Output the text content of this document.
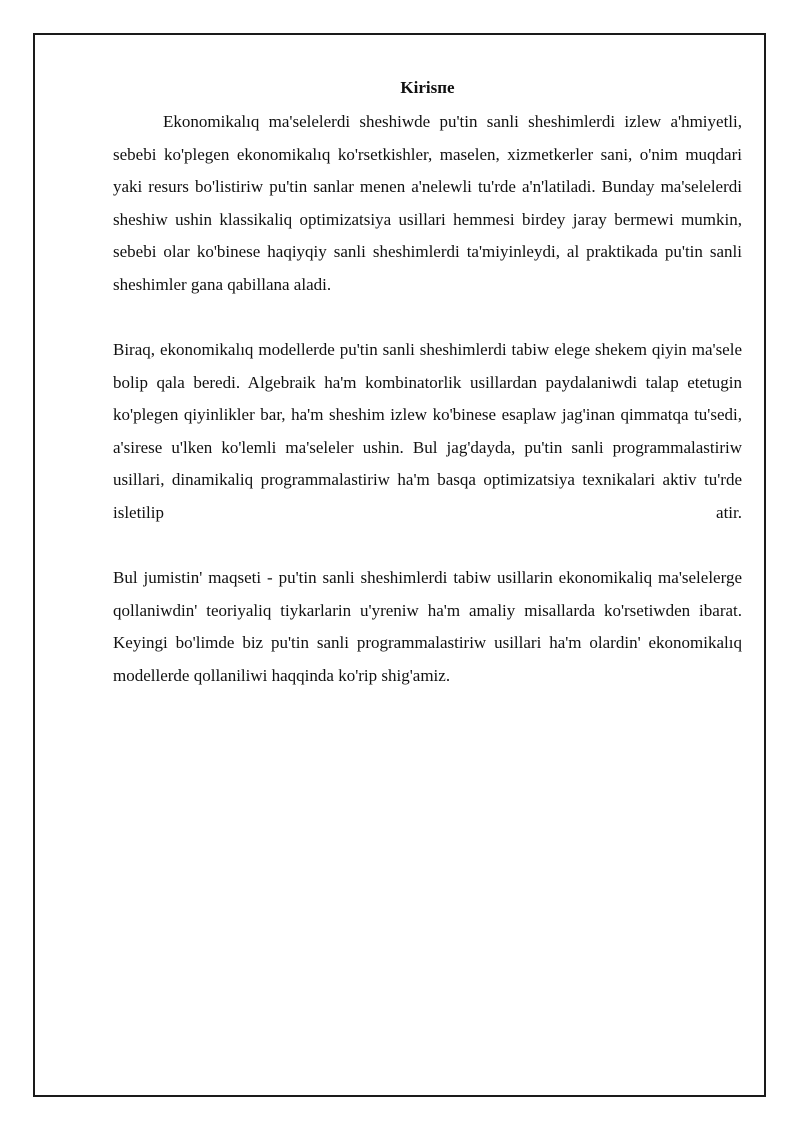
Kirisпe

Ekonomikalıq ma'selelerdi sheshiwde pu'tin sanli sheshimlerdi izlew a'hmiyetli, sebebi ko'plegen ekonomikalıq ko'rsetkishler, maselen, xizmetkerler sani, o'nim muqdari yaki resurs bo'listiriw pu'tin sanlar menen a'nelewli tu'rde a'n'latiladi. Bunday ma'selelerdi sheshiw ushin klassikaliq optimizatsiya usillari hemmesi birdey jaray bermewi mumkin, sebebi olar ko'binese haqiyqiy sanli sheshimlerdi ta'miyinleydi, al praktikada pu'tin sanli sheshimler gana qabillana aladi.

Biraq, ekonomikalıq modellerde pu'tin sanli sheshimlerdi tabiw elege shekem qiyin ma'sele bolip qala beredi. Algebraik ha'm kombinatorlik usillardan paydalaniwdi talap etetugin ko'plegen qiyinlikler bar, ha'm sheshim izlew ko'binese esaplaw jag'inan qimmatqa tu'sedi, a'sirese u'lken ko'lemli ma'seleler ushin. Bul jag'dayda, pu'tin sanli programmalastiriw usillari, dinamikaliq programmalastiriw ha'm basqa optimizatsiya texnikalari aktiv tu'rde isletilip atir.

Bul jumistin' maqseti - pu'tin sanli sheshimlerdi tabiw usillarin ekonomikaliq ma'selelerge qollaniwdin' teoriyaliq tiykarlarin u'yreniw ha'm amaliy misallarda ko'rsetiwden ibarat. Keyingi bo'limde biz pu'tin sanli programmalastiriw usillari ha'm olardin' ekonomikalıq modellerde qollaniliwi haqqinda ko'rip shig'amiz.
